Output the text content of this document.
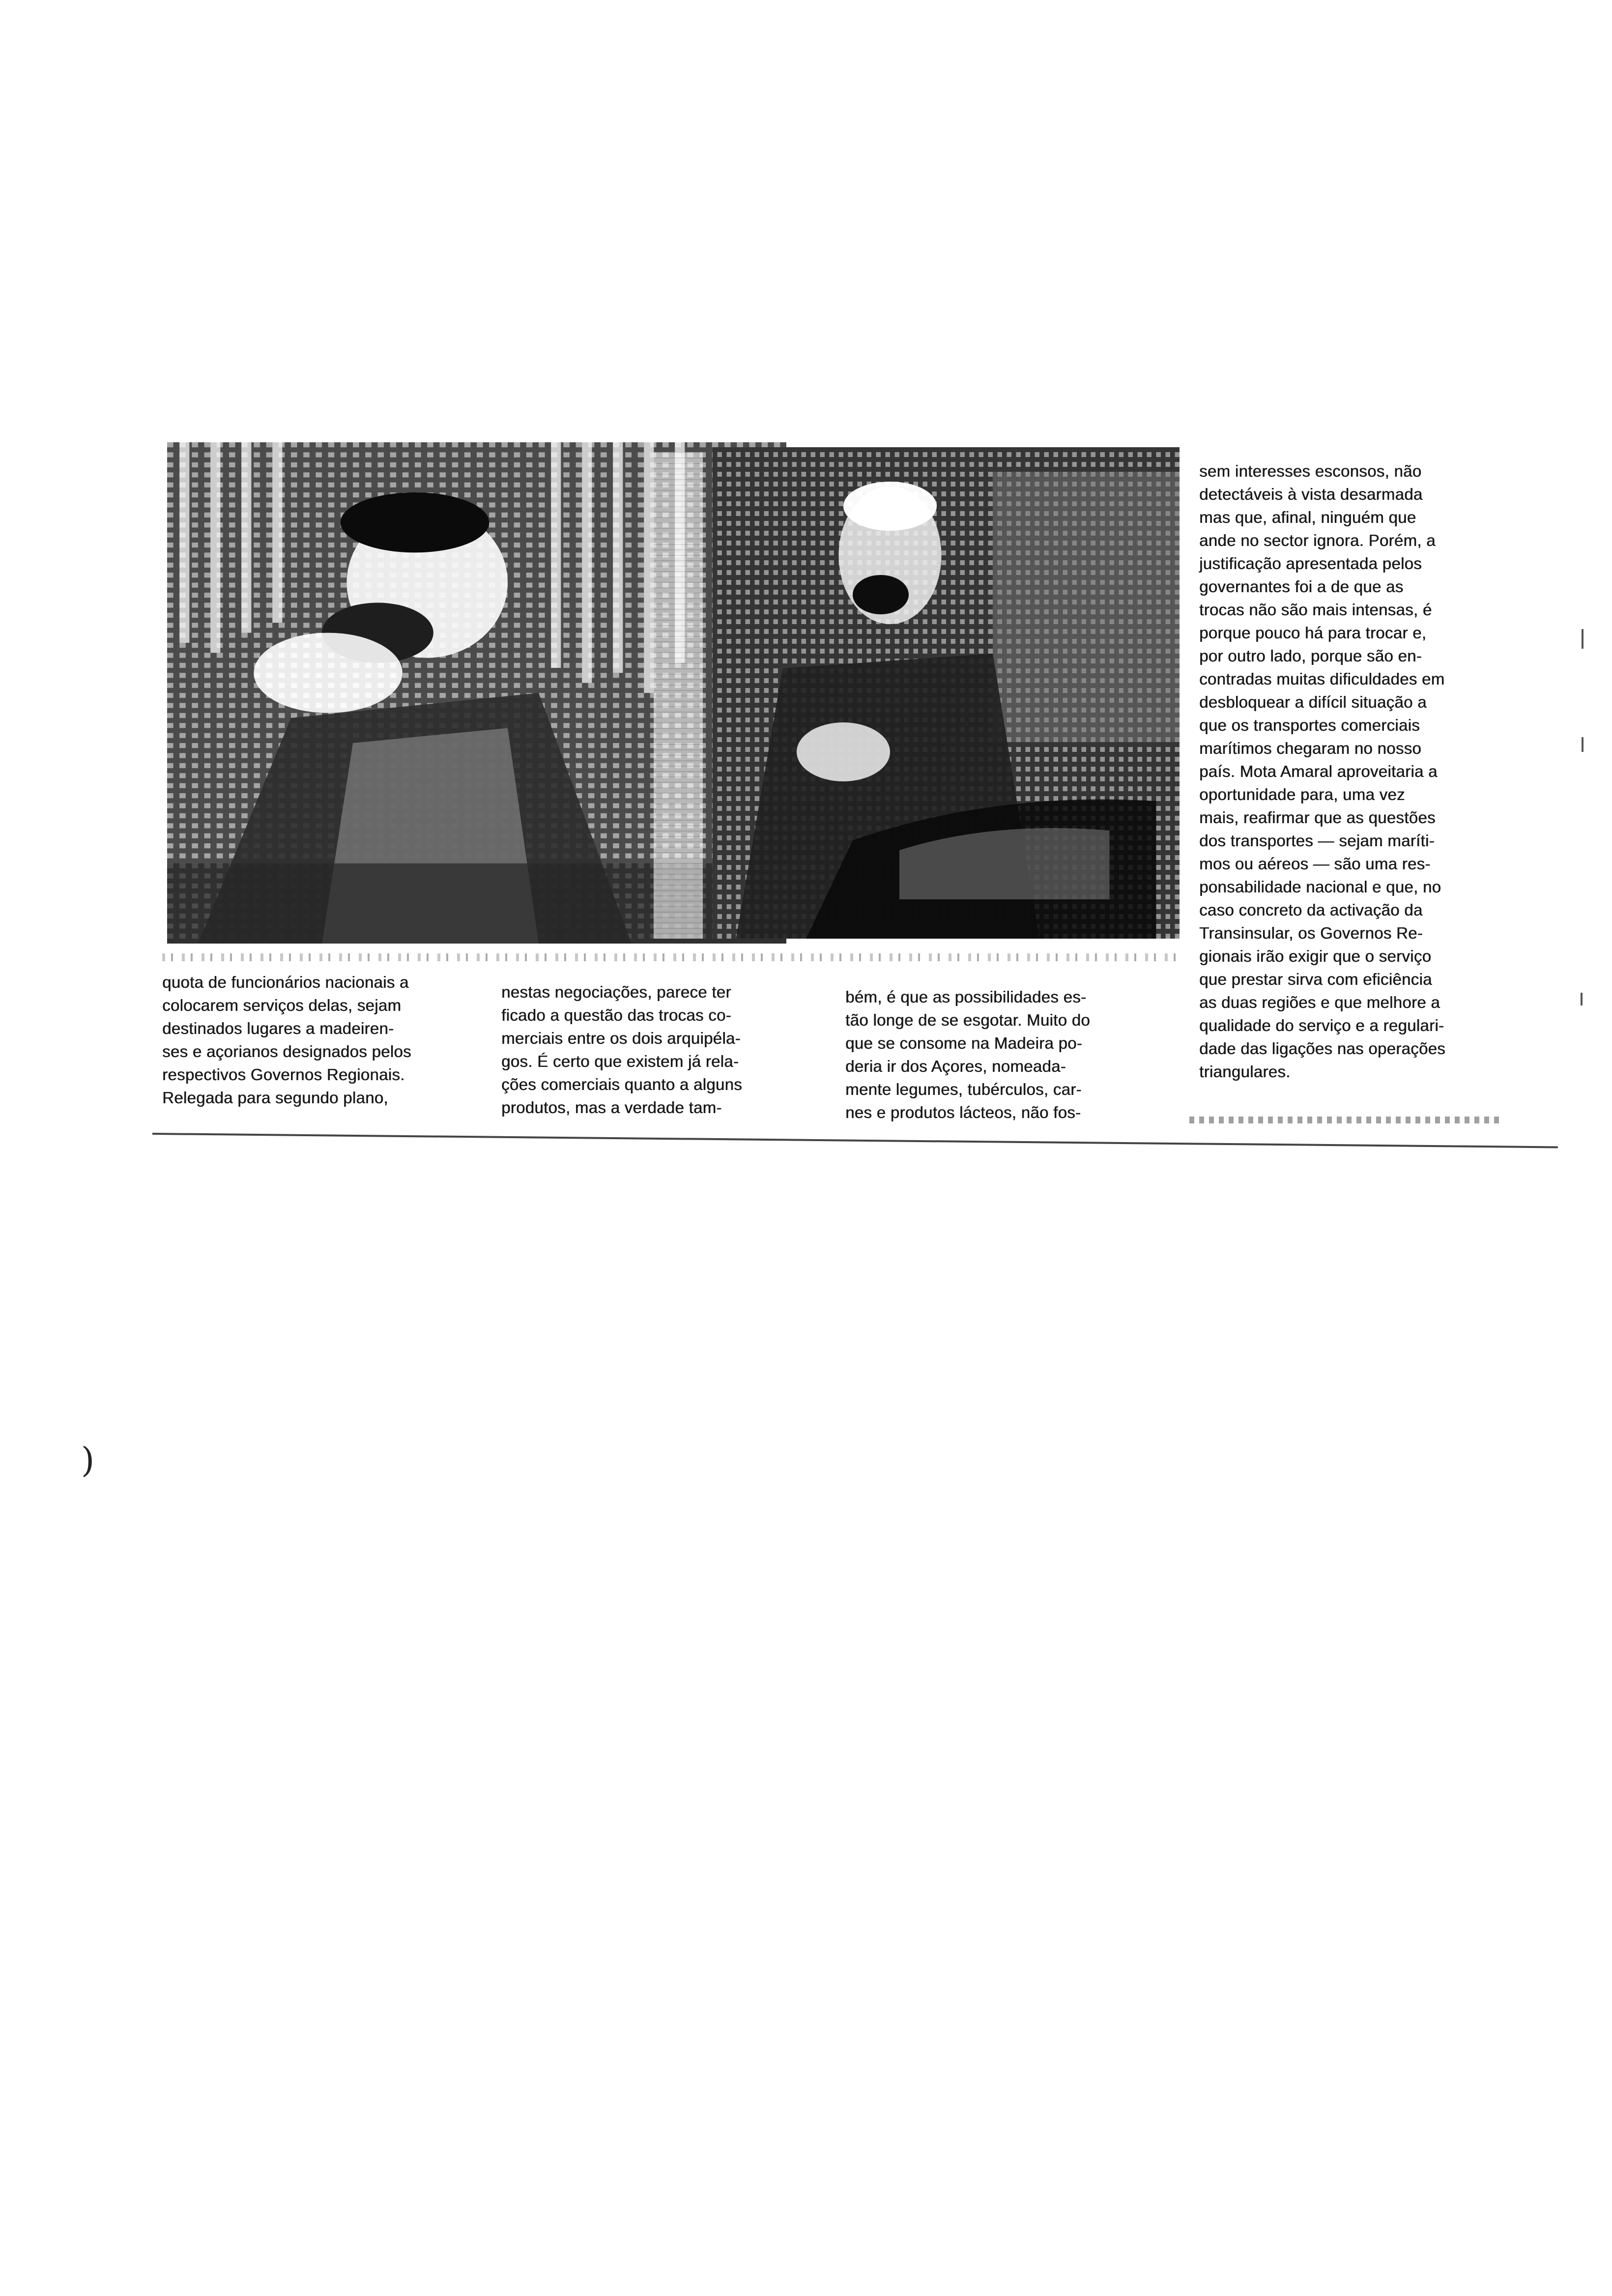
quota de funcionários nacionais a

colocarem serviços delas, sejam

destinados lugares a madeiren-

ses e açorianos designados pelos

respectivos Governos Regionais.

Relegada para segundo plano,

nestas negociações, parece ter

ficado a questão das trocas co-

merciais entre os dois arquipéla-

gos. É certo que existem já rela-

ções comerciais quanto a alguns

produtos, mas a verdade tam-

bém, é que as possibilidades es-

tão longe de se esgotar. Muito do

que se consome na Madeira po-

deria ir dos Açores, nomeada-

mente legumes, tubérculos, car-

nes e produtos lácteos, não fos-

sem interesses esconsos, não

detectáveis à vista desarmada

mas que, afinal, ninguém que

ande no sector ignora. Porém, a

justificação apresentada pelos

governantes foi a de que as

trocas não são mais intensas, é

porque pouco há para trocar e,

por outro lado, porque são en-

contradas muitas dificuldades em

desbloquear a difícil situação a

que os transportes comerciais

marítimos chegaram no nosso

país. Mota Amaral aproveitaria a

oportunidade para, uma vez

mais, reafirmar que as questões

dos transportes — sejam maríti-

mos ou aéreos — são uma res-

ponsabilidade nacional e que, no

caso concreto da activação da

Transinsular, os Governos Re-

gionais irão exigir que o serviço

que prestar sirva com eficiência

as duas regiões e que melhore a

qualidade do serviço e a regulari-

dade das ligações nas operações

triangulares.

)
